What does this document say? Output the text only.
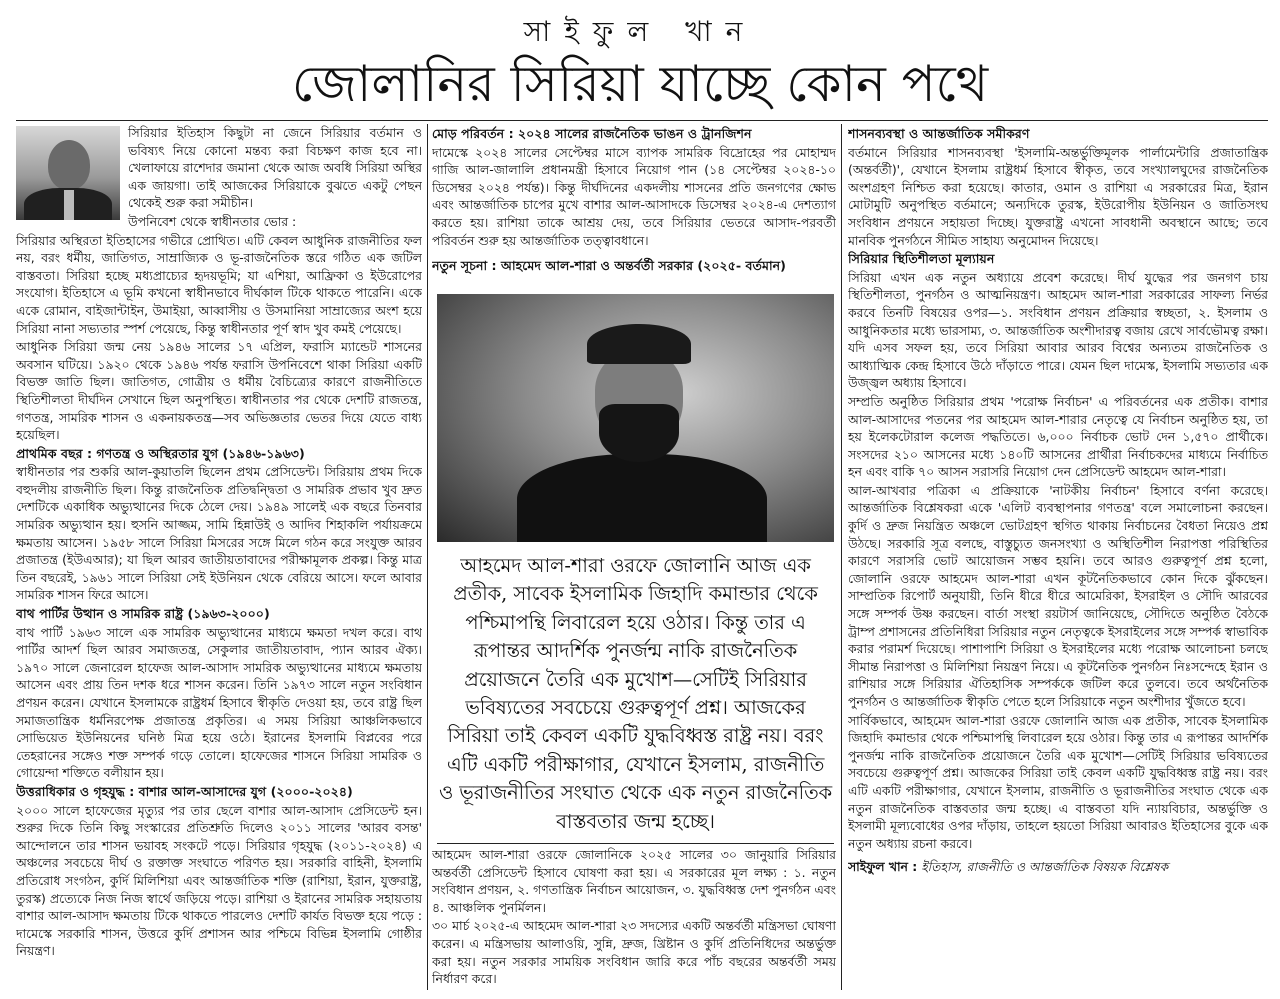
সাইফুল খান
জোলানির সিরিয়া যাচ্ছে কোন পথে

সিরিয়ার ইতিহাস কিছুটা না জেনে সিরিয়ার বর্তমান ও ভবিষ্যৎ নিয়ে কোনো মন্তব্য করা বিচক্ষণ কাজ হবে না। খেলাফায়ে রাশেদার জমানা থেকে আজ অবধি সিরিয়া অস্থির এক জায়গা। তাই আজকের সিরিয়াকে বুঝতে একটু পেছন থেকেই শুরু করা সমীচীন।

উপনিবেশ থেকে স্বাধীনতার ভোর :

সিরিয়ার অস্থিরতা ইতিহাসের গভীরে প্রোথিত। এটি কেবল আধুনিক রাজনীতির ফল নয়, বরং ধর্মীয়, জাতিগত, সাম্রাজ্যিক ও ভূ-রাজনৈতিক স্তরে গঠিত এক জটিল বাস্তবতা। সিরিয়া হচ্ছে মধ্যপ্রাচ্যের হৃদয়ভূমি; যা এশিয়া, আফ্রিকা ও ইউরোপের সংযোগ। ইতিহাসে এ ভূমি কখনো স্বাধীনভাবে দীর্ঘকাল টিকে থাকতে পারেনি। একে একে রোমান, বাইজান্টাইন, উমাইয়া, আব্বাসীয় ও উসমানিয়া সাম্রাজ্যের অংশ হয়ে সিরিয়া নানা সভ্যতার স্পর্শ পেয়েছে, কিন্তু স্বাধীনতার পূর্ণ স্বাদ খুব কমই পেয়েছে।

আধুনিক সিরিয়া জন্ম নেয় ১৯৪৬ সালের ১৭ এপ্রিল, ফরাসি ম্যান্ডেট শাসনের অবসান ঘটিয়ে। ১৯২০ থেকে ১৯৪৬ পর্যন্ত ফরাসি উপনিবেশে থাকা সিরিয়া একটি বিভক্ত জাতি ছিল। জাতিগত, গোত্রীয় ও ধর্মীয় বৈচিত্র্যের কারণে রাজনীতিতে স্থিতিশীলতা দীর্ঘদিন সেখানে ছিল অনুপস্থিত। স্বাধীনতার পর থেকে দেশটি রাজতন্ত্র, গণতন্ত্র, সামরিক শাসন ও একনায়কতন্ত্র—সব অভিজ্ঞতার ভেতর দিয়ে যেতে বাধ্য হয়েছিল।

প্রাথমিক বছর : গণতন্ত্র ও অস্থিরতার যুগ (১৯৪৬-১৯৬৩)

স্বাধীনতার পর শুকরি আল-কুয়াতলি ছিলেন প্রথম প্রেসিডেন্ট। সিরিয়ায় প্রথম দিকে বহুদলীয় রাজনীতি ছিল। কিন্তু রাজনৈতিক প্রতিদ্বন্দ্বিতা ও সামরিক প্রভাব খুব দ্রুত দেশটিকে একাধিক অভ্যুত্থানের দিকে ঠেলে দেয়। ১৯৪৯ সালেই এক বছরে তিনবার সামরিক অভ্যুত্থান হয়। হুসনি আজ্জম, সামি হিন্নাউই ও আদিব শিহাকলি পর্যায়ক্রমে ক্ষমতায় আসেন। ১৯৫৮ সালে সিরিয়া মিসরের সঙ্গে মিলে গঠন করে সংযুক্ত আরব প্রজাতন্ত্র (ইউএআর); যা ছিল আরব জাতীয়তাবাদের পরীক্ষামূলক প্রকল্প। কিন্তু মাত্র তিন বছরেই, ১৯৬১ সালে সিরিয়া সেই ইউনিয়ন থেকে বেরিয়ে আসে। ফলে আবার সামরিক শাসন ফিরে আসে।

বাথ পার্টির উত্থান ও সামরিক রাষ্ট্র (১৯৬৩-২০০০)

বাথ পার্টি ১৯৬৩ সালে এক সামরিক অভ্যুত্থানের মাধ্যমে ক্ষমতা দখল করে। বাথ পার্টির আদর্শ ছিল আরব সমাজতন্ত্র, সেকুলার জাতীয়তাবাদ, প্যান আরব ঐক্য। ১৯৭০ সালে জেনারেল হাফেজ আল-আসাদ সামরিক অভ্যুত্থানের মাধ্যমে ক্ষমতায় আসেন এবং প্রায় তিন দশক ধরে শাসন করেন। তিনি ১৯৭৩ সালে নতুন সংবিধান প্রণয়ন করেন। যেখানে ইসলামকে রাষ্ট্রধর্ম হিসাবে স্বীকৃতি দেওয়া হয়, তবে রাষ্ট্র ছিল সমাজতান্ত্রিক ধর্মনিরপেক্ষ প্রজাতন্ত্র প্রকৃতির। এ সময় সিরিয়া আঞ্চলিকভাবে সোভিয়েত ইউনিয়নের ঘনিষ্ঠ মিত্র হয়ে ওঠে। ইরানের ইসলামি বিপ্লবের পরে তেহরানের সঙ্গেও শক্ত সম্পর্ক গড়ে তোলে। হাফেজের শাসনে সিরিয়া সামরিক ও গোয়েন্দা শক্তিতে বলীয়ান হয়।

উত্তরাধিকার ও গৃহযুদ্ধ : বাশার আল-আসাদের যুগ (২০০০-২০২৪)

২০০০ সালে হাফেজের মৃত্যুর পর তার ছেলে বাশার আল-আসাদ প্রেসিডেন্ট হন। শুরুর দিকে তিনি কিছু সংস্কারের প্রতিশ্রুতি দিলেও ২০১১ সালের 'আরব বসন্ত' আন্দোলনে তার শাসন ভয়াবহ সংকটে পড়ে। সিরিয়ার গৃহযুদ্ধ (২০১১-২০২৪) এ অঞ্চলের সবচেয়ে দীর্ঘ ও রক্তাক্ত সংঘাতে পরিণত হয়। সরকারি বাহিনী, ইসলামি প্রতিরোধ সংগঠন, কুর্দি মিলিশিয়া এবং আন্তর্জাতিক শক্তি (রাশিয়া, ইরান, যুক্তরাষ্ট্র, তুরস্ক) প্রত্যেকে নিজ নিজ স্বার্থে জড়িয়ে পড়ে। রাশিয়া ও ইরানের সামরিক সহায়তায় বাশার আল-আসাদ ক্ষমতায় টিকে থাকতে পারলেও দেশটি কার্যত বিভক্ত হয়ে পড়ে : দামেস্কে সরকারি শাসন, উত্তরে কুর্দি প্রশাসন আর পশ্চিমে বিভিন্ন ইসলামি গোষ্ঠীর নিয়ন্ত্রণ।

মোড় পরিবর্তন : ২০২৪ সালের রাজনৈতিক ভাঙন ও ট্রানজিশন

দামেস্কে ২০২৪ সালের সেপ্টেম্বর মাসে ব্যাপক সামরিক বিদ্রোহের পর মোহাম্মদ গাজি আল-জালালি প্রধানমন্ত্রী হিসাবে নিয়োগ পান (১৪ সেপ্টেম্বর ২০২৪-১০ ডিসেম্বর ২০২৪ পর্যন্ত)। কিন্তু দীর্ঘদিনের একদলীয় শাসনের প্রতি জনগণের ক্ষোভ এবং আন্তর্জাতিক চাপের মুখে বাশার আল-আসাদকে ডিসেম্বর ২০২৪-এ দেশত্যাগ করতে হয়। রাশিয়া তাকে আশ্রয় দেয়, তবে সিরিয়ার ভেতরে আসাদ-পরবর্তী পরিবর্তন শুরু হয় আন্তর্জাতিক তত্ত্বাবধানে।

নতুন সূচনা : আহমেদ আল-শারা ও অন্তর্বর্তী সরকার (২০২৫- বর্তমান)
আহমেদ আল-শারা ওরফে জোলানি আজ এক প্রতীক, সাবেক ইসলামিক জিহাদি কমান্ডার থেকে পশ্চিমাপন্থি লিবারেল হয়ে ওঠার। কিন্তু তার এ রূপান্তর আদর্শিক পুনর্জন্ম নাকি রাজনৈতিক প্রয়োজনে তৈরি এক মুখোশ—সেটিই সিরিয়ার ভবিষ্যতের সবচেয়ে গুরুত্বপূর্ণ প্রশ্ন। আজকের সিরিয়া তাই কেবল একটি যুদ্ধবিধ্বস্ত রাষ্ট্র নয়। বরং এটি একটি পরীক্ষাগার, যেখানে ইসলাম, রাজনীতি ও ভূরাজনীতির সংঘাত থেকে এক নতুন রাজনৈতিক বাস্তবতার জন্ম হচ্ছে।

আহমেদ আল-শারা ওরফে জোলানিকে ২০২৫ সালের ৩০ জানুয়ারি সিরিয়ার অন্তর্বর্তী প্রেসিডেন্ট হিসাবে ঘোষণা করা হয়। এ সরকারের মূল লক্ষ্য : ১. নতুন সংবিধান প্রণয়ন, ২. গণতান্ত্রিক নির্বাচন আয়োজন, ৩. যুদ্ধবিধ্বস্ত দেশ পুনর্গঠন এবং ৪. আঞ্চলিক পুনর্মিলন।

৩০ মার্চ ২০২৫-এ আহমেদ আল-শারা ২৩ সদস্যের একটি অন্তর্বর্তী মন্ত্রিসভা ঘোষণা করেন। এ মন্ত্রিসভায় আলাওয়ি, সুন্নি, দ্রুজ, খ্রিষ্টান ও কুর্দি প্রতিনিধিদের অন্তর্ভুক্ত করা হয়। নতুন সরকার সাময়িক সংবিধান জারি করে পাঁচ বছরের অন্তর্বর্তী সময় নির্ধারণ করে।

শাসনব্যবস্থা ও আন্তর্জাতিক সমীকরণ

বর্তমানে সিরিয়ার শাসনব্যবস্থা 'ইসলামি-অন্তর্ভুক্তিমূলক পার্লামেন্টারি প্রজাতান্ত্রিক (অন্তর্বর্তী)', যেখানে ইসলাম রাষ্ট্রধর্ম হিসাবে স্বীকৃত, তবে সংখ্যালঘুদের রাজনৈতিক অংশগ্রহণ নিশ্চিত করা হয়েছে। কাতার, ওমান ও রাশিয়া এ সরকারের মিত্র, ইরান মোটামুটি অনুপস্থিত বর্তমানে; অন্যদিকে তুরস্ক, ইউরোপীয় ইউনিয়ন ও জাতিসংঘ সংবিধান প্রণয়নে সহায়তা দিচ্ছে। যুক্তরাষ্ট্র এখনো সাবধানী অবস্থানে আছে; তবে মানবিক পুনর্গঠনে সীমিত সাহায্য অনুমোদন দিয়েছে।

সিরিয়ার স্থিতিশীলতা মূল্যায়ন

সিরিয়া এখন এক নতুন অধ্যায়ে প্রবেশ করেছে। দীর্ঘ যুদ্ধের পর জনগণ চায় স্থিতিশীলতা, পুনর্গঠন ও আত্মনিয়ন্ত্রণ। আহমেদ আল-শারা সরকারের সাফল্য নির্ভর করবে তিনটি বিষয়ের ওপর—১. সংবিধান প্রণয়ন প্রক্রিয়ার স্বচ্ছতা, ২. ইসলাম ও আধুনিকতার মধ্যে ভারসাম্য, ৩. আন্তর্জাতিক অংশীদারত্ব বজায় রেখে সার্বভৌমত্ব রক্ষা। যদি এসব সফল হয়, তবে সিরিয়া আবার আরব বিশ্বের অন্যতম রাজনৈতিক ও আধ্যাত্মিক কেন্দ্র হিসাবে উঠে দাঁড়াতে পারে। যেমন ছিল দামেস্ক, ইসলামি সভ্যতার এক উজ্জ্বল অধ্যায় হিসাবে।

সম্প্রতি অনুষ্ঠিত সিরিয়ার প্রথম 'পরোক্ষ নির্বাচন' এ পরিবর্তনের এক প্রতীক। বাশার আল-আসাদের পতনের পর আহমেদ আল-শারার নেতৃত্বে যে নির্বাচন অনুষ্ঠিত হয়, তা হয় ইলেকটোরাল কলেজ পদ্ধতিতে। ৬,০০০ নির্বাচক ভোট দেন ১,৫৭০ প্রার্থীকে। সংসদের ২১০ আসনের মধ্যে ১৪০টি আসনের প্রার্থীরা নির্বাচকদের মাধ্যমে নির্বাচিত হন এবং বাকি ৭০ আসন সরাসরি নিয়োগ দেন প্রেসিডেন্ট আহমেদ আল-শারা।

আল-আখবার পত্রিকা এ প্রক্রিয়াকে 'নাটকীয় নির্বাচন' হিসাবে বর্ণনা করেছে। আন্তর্জাতিক বিশ্লেষকরা একে 'এলিট ব্যবস্থাপনার গণতন্ত্র' বলে সমালোচনা করছেন। কুর্দি ও দ্রুজ নিয়ন্ত্রিত অঞ্চলে ভোটগ্রহণ স্থগিত থাকায় নির্বাচনের বৈধতা নিয়েও প্রশ্ন উঠছে। সরকারি সূত্র বলছে, বাস্তুচ্যুত জনসংখ্যা ও অস্থিতিশীল নিরাপত্তা পরিস্থিতির কারণে সরাসরি ভোট আয়োজন সম্ভব হয়নি। তবে আরও গুরুত্বপূর্ণ প্রশ্ন হলো, জোলানি ওরফে আহমেদ আল-শারা এখন কূটনৈতিকভাবে কোন দিকে ঝুঁকছেন। সাম্প্রতিক রিপোর্ট অনুযায়ী, তিনি ধীরে ধীরে আমেরিকা, ইসরাইল ও সৌদি আরবের সঙ্গে সম্পর্ক উষ্ণ করছেন। বার্তা সংস্থা রয়টার্স জানিয়েছে, সৌদিতে অনুষ্ঠিত বৈঠকে ট্রাম্প প্রশাসনের প্রতিনিধিরা সিরিয়ার নতুন নেতৃত্বকে ইসরাইলের সঙ্গে সম্পর্ক স্বাভাবিক করার পরামর্শ দিয়েছে। পাশাপাশি সিরিয়া ও ইসরাইলের মধ্যে পরোক্ষ আলোচনা চলছে সীমান্ত নিরাপত্তা ও মিলিশিয়া নিয়ন্ত্রণ নিয়ে। এ কূটনৈতিক পুনর্গঠন নিঃসন্দেহে ইরান ও রাশিয়ার সঙ্গে সিরিয়ার ঐতিহাসিক সম্পর্ককে জটিল করে তুলবে। তবে অর্থনৈতিক পুনর্গঠন ও আন্তর্জাতিক স্বীকৃতি পেতে হলে সিরিয়াকে নতুন অংশীদার খুঁজতে হবে।

সার্বিকভাবে, আহমেদ আল-শারা ওরফে জোলানি আজ এক প্রতীক, সাবেক ইসলামিক জিহাদি কমান্ডার থেকে পশ্চিমাপন্থি লিবারেল হয়ে ওঠার। কিন্তু তার এ রূপান্তর আদর্শিক পুনর্জন্ম নাকি রাজনৈতিক প্রয়োজনে তৈরি এক মুখোশ—সেটিই সিরিয়ার ভবিষ্যতের সবচেয়ে গুরুত্বপূর্ণ প্রশ্ন। আজকের সিরিয়া তাই কেবল একটি যুদ্ধবিধ্বস্ত রাষ্ট্র নয়। বরং এটি একটি পরীক্ষাগার, যেখানে ইসলাম, রাজনীতি ও ভূরাজনীতির সংঘাত থেকে এক নতুন রাজনৈতিক বাস্তবতার জন্ম হচ্ছে। এ বাস্তবতা যদি ন্যায়বিচার, অন্তর্ভুক্তি ও ইসলামী মূল্যবোধের ওপর দাঁড়ায়, তাহলে হয়তো সিরিয়া আবারও ইতিহাসের বুকে এক নতুন অধ্যায় রচনা করবে।

সাইফুল খান : ইতিহাস, রাজনীতি ও আন্তর্জাতিক বিষয়ক বিশ্লেষক
